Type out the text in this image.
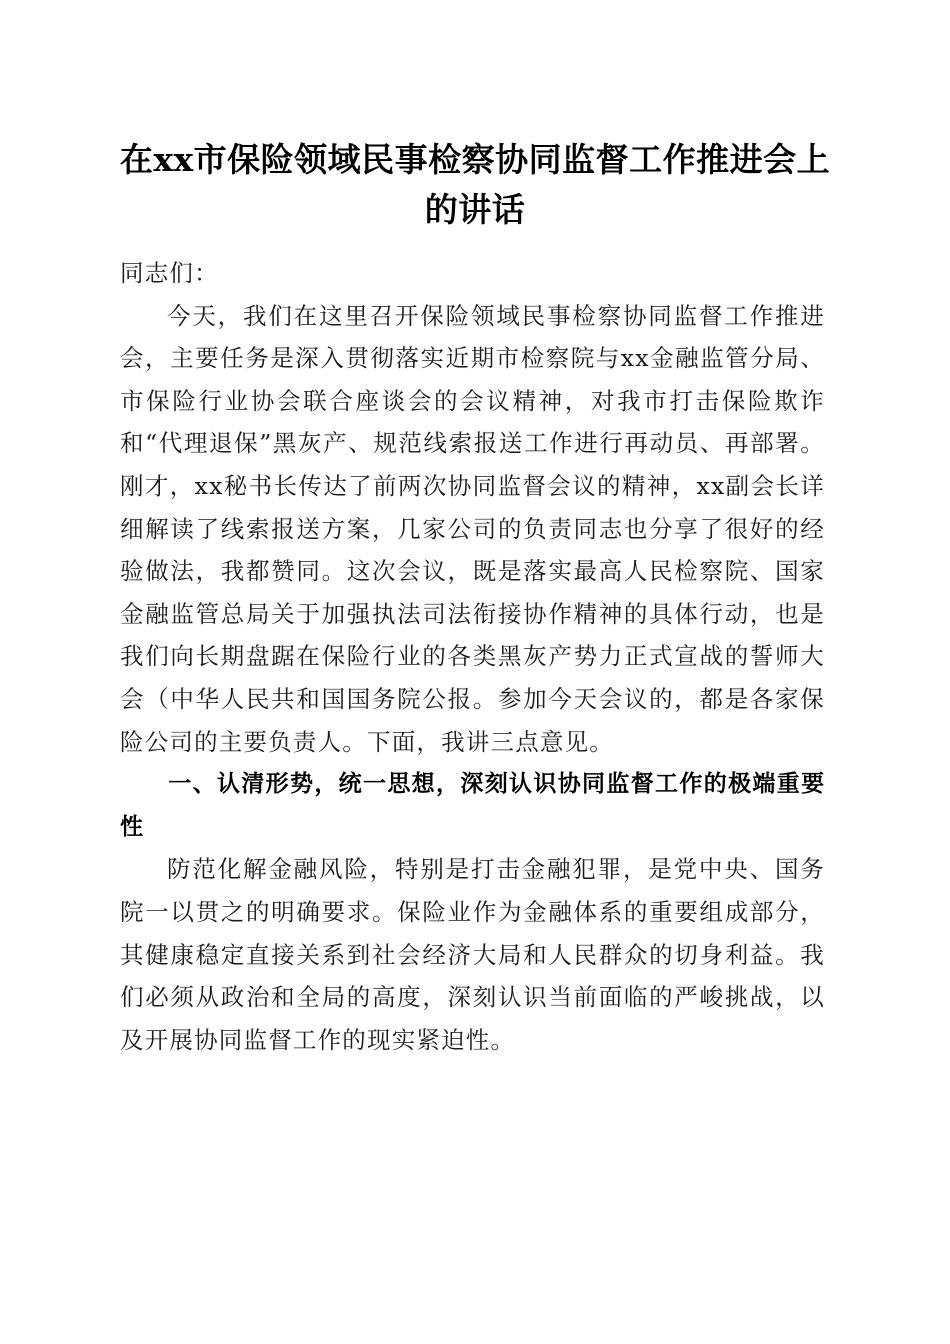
在xx市保险领域民事检察协同监督工作推进会上的讲话

同志们：

今天，我们在这里召开保险领域民事检察协同监督工作推进会，主要任务是深入贯彻落实近期市检察院与xx金融监管分局、市保险行业协会联合座谈会的会议精神，对我市打击保险欺诈和“代理退保”黑灰产、规范线索报送工作进行再动员、再部署。刚才，xx秘书长传达了前两次协同监督会议的精神，xx副会长详细解读了线索报送方案，几家公司的负责同志也分享了很好的经验做法，我都赞同。这次会议，既是落实最高人民检察院、国家金融监管总局关于加强执法司法衔接协作精神的具体行动，也是我们向长期盘踞在保险行业的各类黑灰产势力正式宣战的誓师大会（中华人民共和国国务院公报。参加今天会议的，都是各家保险公司的主要负责人。下面，我讲三点意见。

一、认清形势，统一思想，深刻认识协同监督工作的极端重要性

防范化解金融风险，特别是打击金融犯罪，是党中央、国务院一以贯之的明确要求。保险业作为金融体系的重要组成部分，其健康稳定直接关系到社会经济大局和人民群众的切身利益。我们必须从政治和全局的高度，深刻认识当前面临的严峻挑战，以及开展协同监督工作的现实紧迫性。
